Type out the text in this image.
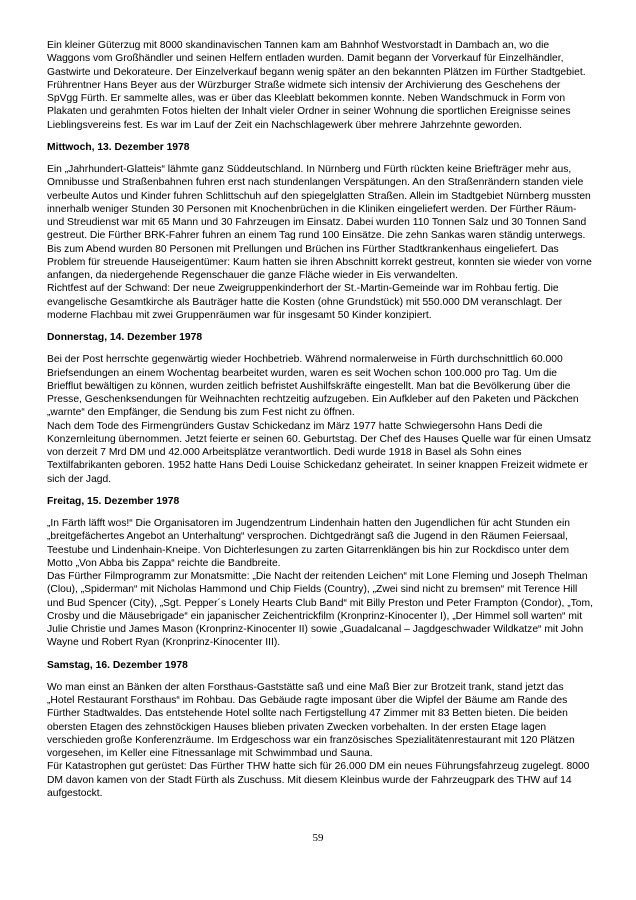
Ein kleiner Güterzug mit 8000 skandinavischen Tannen kam am Bahnhof Westvorstadt in Dambach an, wo die Waggons vom Großhändler und seinen Helfern entladen wurden. Damit begann der Vorverkauf für Einzelhändler, Gastwirte und Dekorateure. Der Einzelverkauf begann wenig später an den bekannten Plätzen im Fürther Stadtgebiet.

Frührentner Hans Beyer aus der Würzburger Straße widmete sich intensiv der Archivierung des Geschehens der SpVgg Fürth. Er sammelte alles, was er über das Kleeblatt bekommen konnte. Neben Wandschmuck in Form von Plakaten und gerahmten Fotos hielten der Inhalt vieler Ordner in seiner Wohnung die sportlichen Ereignisse seines Lieblingsvereins fest. Es war im Lauf der Zeit ein Nachschlagewerk über mehrere Jahrzehnte geworden.

Mittwoch, 13. Dezember 1978

Ein „Jahrhundert-Glatteis“ lähmte ganz Süddeutschland. In Nürnberg und Fürth rückten keine Briefträger mehr aus, Omnibusse und Straßenbahnen fuhren erst nach stundenlangen Verspätungen. An den Straßenrändern standen viele verbeulte Autos und Kinder fuhren Schlittschuh auf den spiegelglatten Straßen. Allein im Stadtgebiet Nürnberg mussten innerhalb weniger Stunden 30 Personen mit Knochenbrüchen in die Kliniken eingeliefert werden. Der Fürther Räum- und Streudienst war mit 65 Mann und 30 Fahrzeugen im Einsatz. Dabei wurden 110 Tonnen Salz und 30 Tonnen Sand gestreut. Die Fürther BRK-Fahrer fuhren an einem Tag rund 100 Einsätze. Die zehn Sankas waren ständig unterwegs. Bis zum Abend wurden 80 Personen mit Prellungen und Brüchen ins Fürther Stadtkrankenhaus eingeliefert. Das Problem für streuende Hauseigentümer: Kaum hatten sie ihren Abschnitt korrekt gestreut, konnten sie wieder von vorne anfangen, da niedergehende Regenschauer die ganze Fläche wieder in Eis verwandelten.

Richtfest auf der Schwand: Der neue Zweigruppenkinderhort der St.-Martin-Gemeinde war im Rohbau fertig. Die evangelische Gesamtkirche als Bauträger hatte die Kosten (ohne Grundstück) mit 550.000 DM veranschlagt. Der moderne Flachbau mit zwei Gruppenräumen war für insgesamt 50 Kinder konzipiert.

Donnerstag, 14. Dezember 1978

Bei der Post herrschte gegenwärtig wieder Hochbetrieb. Während normalerweise in Fürth durchschnittlich 60.000 Briefsendungen an einem Wochentag bearbeitet wurden, waren es seit Wochen schon 100.000 pro Tag. Um die Briefflut bewältigen zu können, wurden zeitlich befristet Aushilfskräfte eingestellt. Man bat die Bevölkerung über die Presse, Geschenksendungen für Weihnachten rechtzeitig aufzugeben. Ein Aufkleber auf den Paketen und Päckchen „warnte“ den Empfänger, die Sendung bis zum Fest nicht zu öffnen.

Nach dem Tode des Firmengründers Gustav Schickedanz im März 1977 hatte Schwiegersohn Hans Dedi die Konzernleitung übernommen. Jetzt feierte er seinen 60. Geburtstag. Der Chef des Hauses Quelle war für einen Umsatz von derzeit 7 Mrd DM und 42.000 Arbeitsplätze verantwortlich. Dedi wurde 1918 in Basel als Sohn eines Textilfabrikanten geboren. 1952 hatte Hans Dedi Louise Schickedanz geheiratet. In seiner knappen Freizeit widmete er sich der Jagd.

Freitag, 15. Dezember 1978

„In Färth läfft wos!“ Die Organisatoren im Jugendzentrum Lindenhain hatten den Jugendlichen für acht Stunden ein „breitgefächertes Angebot an Unterhaltung“ versprochen. Dichtgedrängt saß die Jugend in den Räumen Feiersaal, Teestube und Lindenhain-Kneipe. Von Dichterlesungen zu zarten Gitarrenklängen bis hin zur Rockdisco unter dem Motto „Von Abba bis Zappa“ reichte die Bandbreite.

Das Fürther Filmprogramm zur Monatsmitte: „Die Nacht der reitenden Leichen“ mit Lone Fleming und Joseph Thelman (Clou), „Spiderman“ mit Nicholas Hammond und Chip Fields (Country), „Zwei sind nicht zu bremsen“ mit Terence Hill und Bud Spencer (City), „Sgt. Pepper´s Lonely Hearts Club Band“ mit Billy Preston und Peter Frampton (Condor), „Tom, Crosby und die Mäusebrigade“ ein japanischer Zeichentrickfilm (Kronprinz-Kinocenter I), „Der Himmel soll warten“ mit Julie Christie und James Mason (Kronprinz-Kinocenter II) sowie „Guadalcanal – Jagdgeschwader Wildkatze“ mit John Wayne und Robert Ryan (Kronprinz-Kinocenter III).

Samstag, 16. Dezember 1978

Wo man einst an Bänken der alten Forsthaus-Gaststätte saß und eine Maß Bier zur Brotzeit trank, stand jetzt das „Hotel Restaurant Forsthaus“ im Rohbau. Das Gebäude ragte imposant über die Wipfel der Bäume am Rande des Fürther Stadtwaldes. Das entstehende Hotel sollte nach Fertigstellung 47 Zimmer mit 83 Betten bieten. Die beiden obersten Etagen des zehnstöckigen Hauses blieben privaten Zwecken vorbehalten. In der ersten Etage lagen verschieden große Konferenzräume. Im Erdgeschoss war ein französisches Spezialitätenrestaurant mit 120 Plätzen vorgesehen, im Keller eine Fitnessanlage mit Schwimmbad und Sauna.

Für Katastrophen gut gerüstet: Das Fürther THW hatte sich für 26.000 DM ein neues Führungsfahrzeug zugelegt. 8000 DM davon kamen von der Stadt Fürth als Zuschuss. Mit diesem Kleinbus wurde der Fahrzeugpark des THW auf 14 aufgestockt.

59
